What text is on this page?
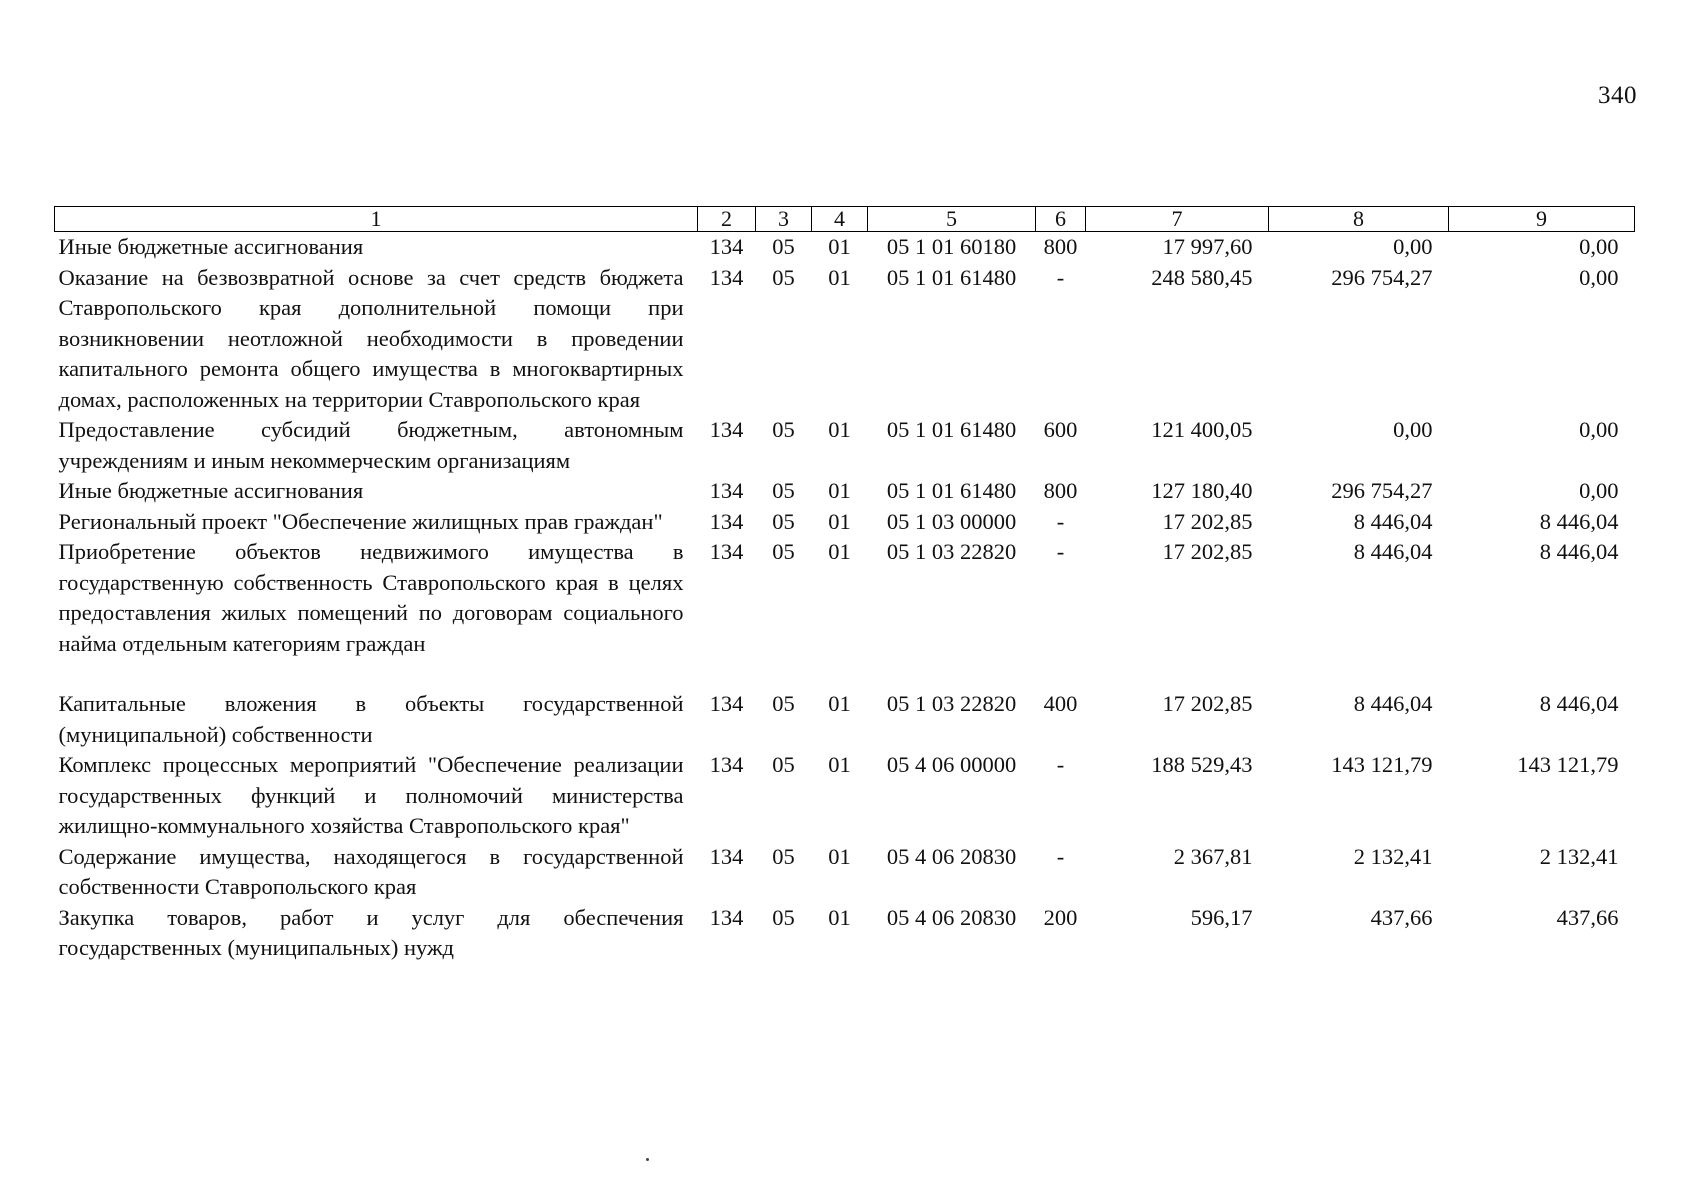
340
1	2	3	4	5	6	7	8	9
Иные бюджетные ассигнования	134	05	01	05 1 01 60180	800	17 997,60	0,00	0,00
Оказание на безвозвратной основе за счет средств бюджета Ставропольского края дополнительной помощи при возникновении неотложной необходимости в проведении капитального ремонта общего имущества в многоквартирных домах, расположенных на территории Ставропольского края	134	05	01	05 1 01 61480	-	248 580,45	296 754,27	0,00
Предоставление субсидий бюджетным, автономным учреждениям и иным некоммерческим организациям	134	05	01	05 1 01 61480	600	121 400,05	0,00	0,00
Иные бюджетные ассигнования	134	05	01	05 1 01 61480	800	127 180,40	296 754,27	0,00
Региональный проект "Обеспечение жилищных прав граждан"	134	05	01	05 1 03 00000	-	17 202,85	8 446,04	8 446,04
Приобретение объектов недвижимого имущества в государственную собственность Ставропольского края в целях предоставления жилых помещений по договорам социального найма отдельным категориям граждан	134	05	01	05 1 03 22820	-	17 202,85	8 446,04	8 446,04
Капитальные вложения в объекты государственной (муниципальной) собственности	134	05	01	05 1 03 22820	400	17 202,85	8 446,04	8 446,04
Комплекс процессных мероприятий "Обеспечение реализации государственных функций и полномочий министерства жилищно-коммунального хозяйства Ставропольского края"	134	05	01	05 4 06 00000	-	188 529,43	143 121,79	143 121,79
Содержание имущества, находящегося в государственной собственности Ставропольского края	134	05	01	05 4 06 20830	-	2 367,81	2 132,41	2 132,41
Закупка товаров, работ и услуг для обеспечения государственных (муниципальных) нужд	134	05	01	05 4 06 20830	200	596,17	437,66	437,66
